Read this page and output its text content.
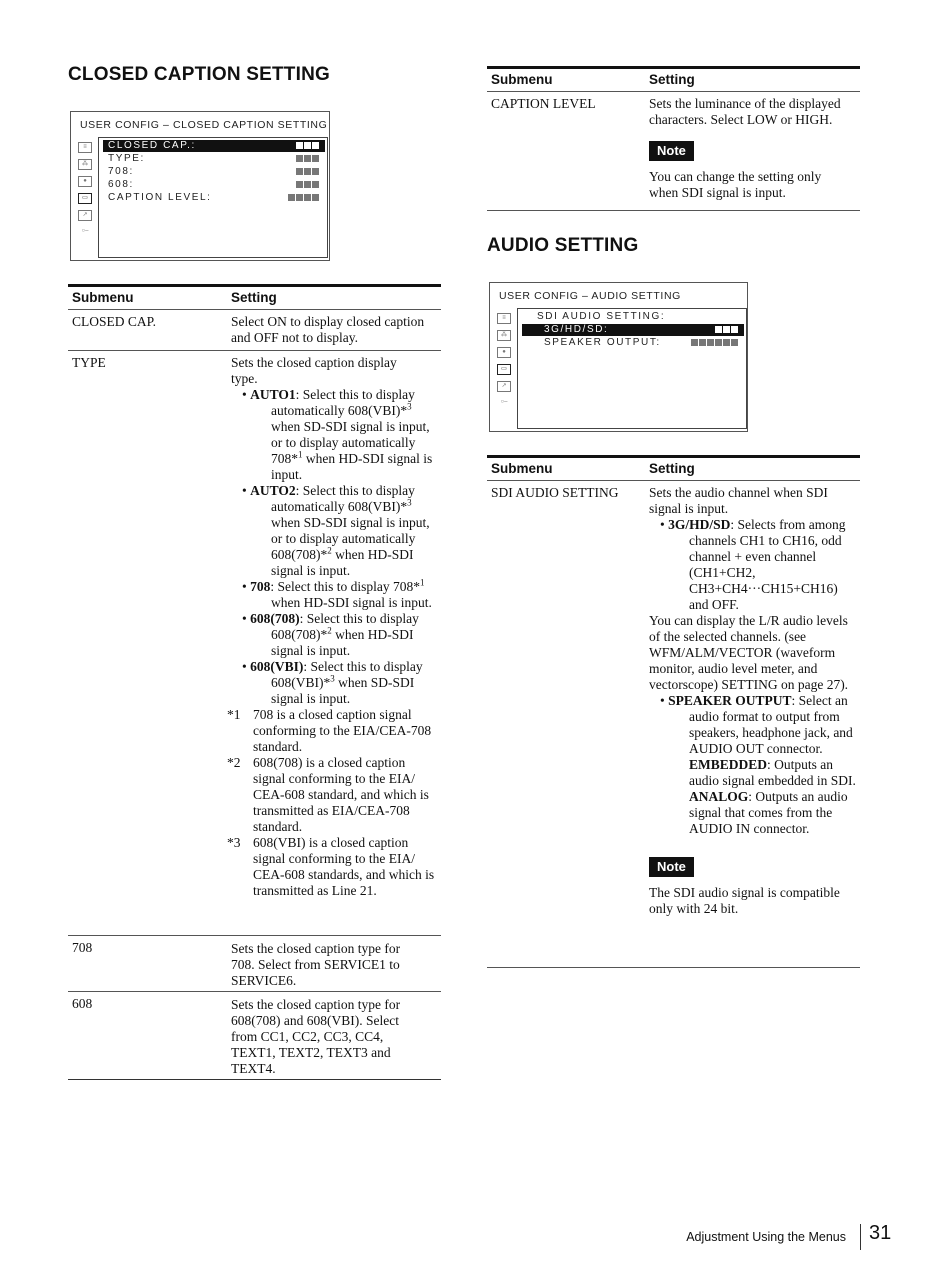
CLOSED CAPTION SETTING
USER CONFIG – CLOSED CAPTION SETTING
≡
⁂
●
▭
↗
○–
CLOSED CAP.:
TYPE:
708:
608:
CAPTION LEVEL:
Submenu	Setting
CLOSED CAP.	Select ON to display closed caption and OFF not to display.

TYPE	Sets the closed caption display type.

• AUTO1: Select this to display automatically 608(VBI)*$^3$ when SD-SDI signal is input, or to display automatically 708*$^1$ when HD-SDI signal is input.

• AUTO2: Select this to display automatically 608(VBI)*$^3$ when SD-SDI signal is input, or to display automatically 608(708)*$^2$ when HD-SDI signal is input.

• 708: Select this to display 708*$^1$ when HD-SDI signal is input.

• 608(708): Select this to display 608(708)*$^2$ when HD-SDI signal is input.

• 608(VBI): Select this to display 608(VBI)*$^3$ when SD-SDI signal is input.

*1 708 is a closed caption signal conforming to the EIA/CEA-708 standard.

*2 608(708) is a closed caption signal conforming to the EIA/ CEA-608 standard, and which is transmitted as EIA/CEA-708 standard.

*3 608(VBI) is a closed caption signal conforming to the EIA/ CEA-608 standards, and which is transmitted as Line 21.

708	Sets the closed caption type for 708. Select from SERVICE1 to SERVICE6.

608	Sets the closed caption type for 608(708) and 608(VBI). Select from CC1, CC2, CC3, CC4, TEXT1, TEXT2, TEXT3 and TEXT4.

Submenu	Setting
CAPTION LEVEL	Sets the luminance of the displayed characters. Select LOW or HIGH.

Note

You can change the setting only when SDI signal is input.

AUDIO SETTING
USER CONFIG – AUDIO SETTING
≡
⁂
●
▭
↗
○–
SDI AUDIO SETTING:
3G/HD/SD:
SPEAKER OUTPUT:
Submenu	Setting
SDI AUDIO SETTING Sets the audio channel when SDI signal is input.

• 3G/HD/SD: Selects from among channels CH1 to CH16, odd channel + even channel (CH1+CH2, CH3+CH4···CH15+CH16) and OFF.

You can display the L/R audio levels of the selected channels. (see WFM/ALM/VECTOR (waveform monitor, audio level meter, and vectorscope) SETTING on page 27).

• SPEAKER OUTPUT: Select an audio format to output from speakers, headphone jack, and AUDIO OUT connector.

EMBEDDED: Outputs an audio signal embedded in SDI.

ANALOG: Outputs an audio signal that comes from the AUDIO IN connector.

Note

The SDI audio signal is compatible only with 24 bit.

Adjustment Using the Menus 31
